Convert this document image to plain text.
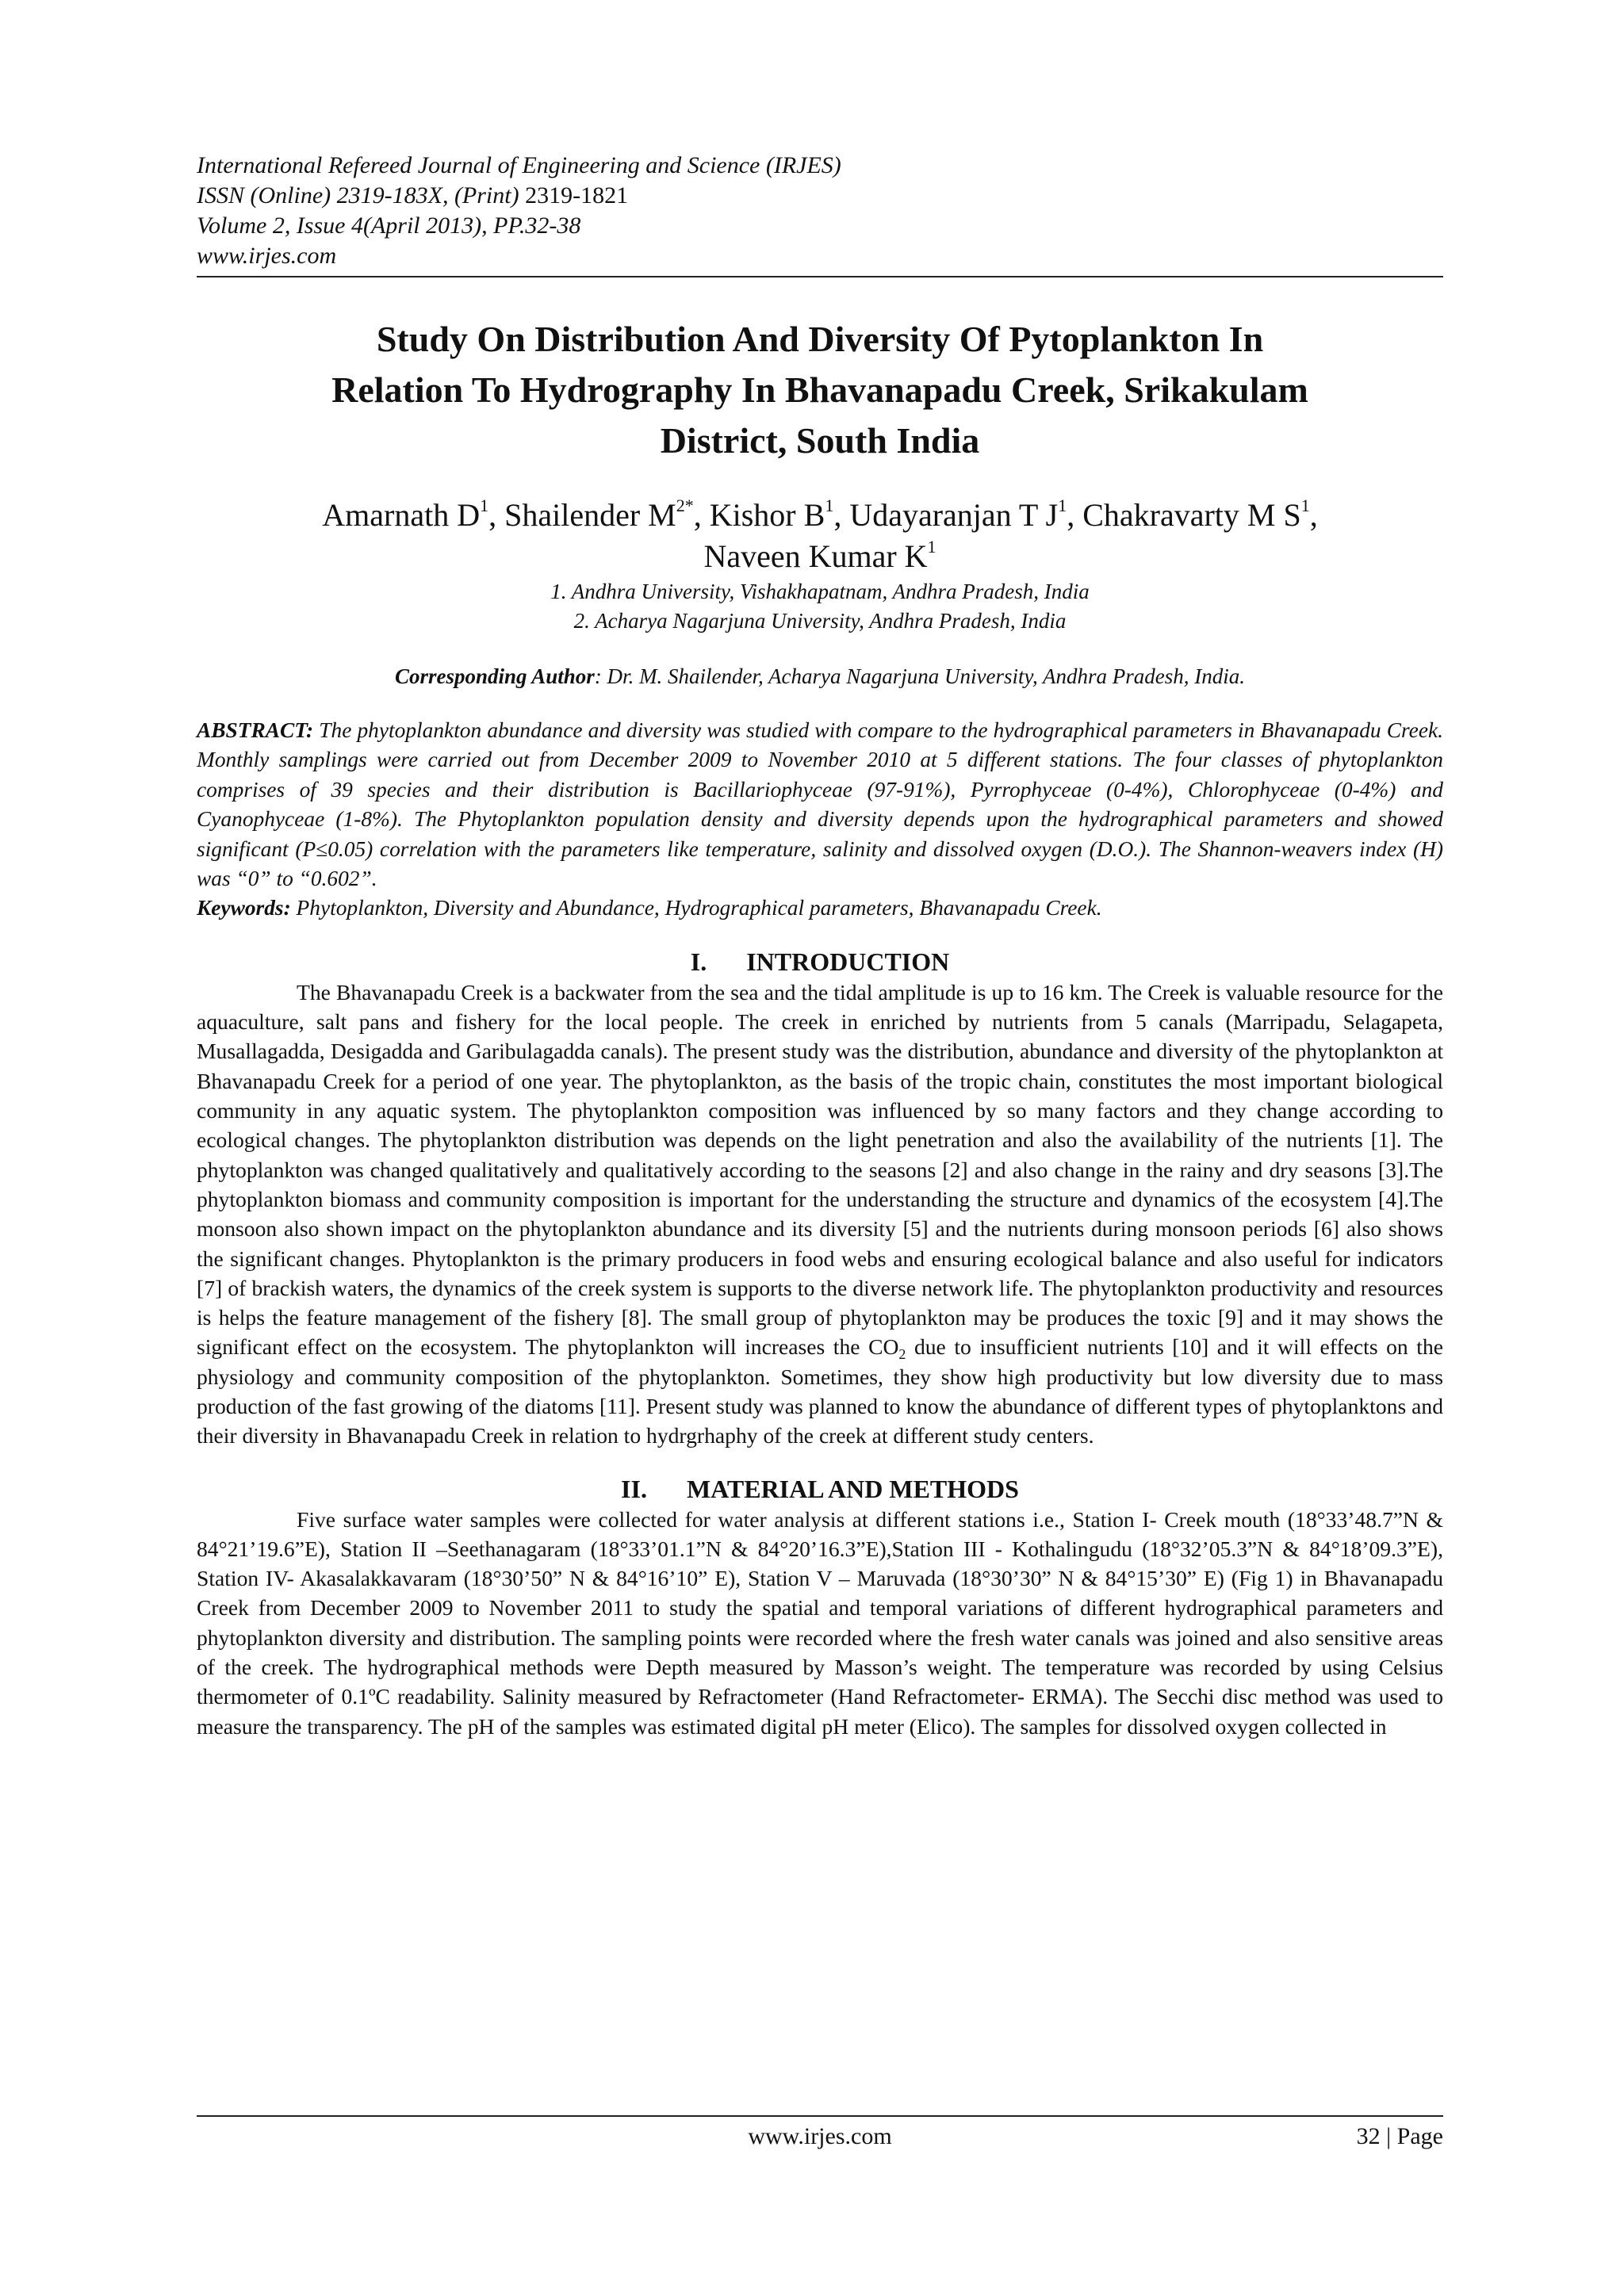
International Refereed Journal of Engineering and Science (IRJES)
ISSN (Online) 2319-183X, (Print) 2319-1821
Volume 2, Issue 4(April 2013), PP.32-38
www.irjes.com
Study On Distribution And Diversity Of Pytoplankton In
Relation To Hydrography In Bhavanapadu Creek, Srikakulam
District, South India
Amarnath $D^1$, Shailender $M^{2*}$, Kishor $B^1$, Udayaranjan T $J^1$, Chakravarty M $S^1$,
Naveen Kumar $K^1$
1. Andhra University, Vishakhapatnam, Andhra Pradesh, India
2. Acharya Nagarjuna University, Andhra Pradesh, India
Corresponding Author: Dr. M. Shailender, Acharya Nagarjuna University, Andhra Pradesh, India.
ABSTRACT: The phytoplankton abundance and diversity was studied with compare to the hydrographical parameters in Bhavanapadu Creek. Monthly samplings were carried out from December 2009 to November 2010 at 5 different stations. The four classes of phytoplankton comprises of 39 species and their distribution is Bacillariophyceae (97-91%), Pyrrophyceae (0-4%), Chlorophyceae (0-4%) and Cyanophyceae (1-8%). The Phytoplankton population density and diversity depends upon the hydrographical parameters and showed significant (P≤0.05) correlation with the parameters like temperature, salinity and dissolved oxygen (D.O.). The Shannon-weavers index (H) was “0” to “0.602”.
Keywords: Phytoplankton, Diversity and Abundance, Hydrographical parameters, Bhavanapadu Creek.
I. INTRODUCTION
The Bhavanapadu Creek is a backwater from the sea and the tidal amplitude is up to 16 km. The Creek is valuable resource for the aquaculture, salt pans and fishery for the local people. The creek in enriched by nutrients from 5 canals (Marripadu, Selagapeta, Musallagadda, Desigadda and Garibulagadda canals). The present study was the distribution, abundance and diversity of the phytoplankton at Bhavanapadu Creek for a period of one year. The phytoplankton, as the basis of the tropic chain, constitutes the most important biological community in any aquatic system. The phytoplankton composition was influenced by so many factors and they change according to ecological changes. The phytoplankton distribution was depends on the light penetration and also the availability of the nutrients [1]. The phytoplankton was changed qualitatively and qualitatively according to the seasons [2] and also change in the rainy and dry seasons [3].The phytoplankton biomass and community composition is important for the understanding the structure and dynamics of the ecosystem [4].The monsoon also shown impact on the phytoplankton abundance and its diversity [5] and the nutrients during monsoon periods [6] also shows the significant changes. Phytoplankton is the primary producers in food webs and ensuring ecological balance and also useful for indicators [7] of brackish waters, the dynamics of the creek system is supports to the diverse network life. The phytoplankton productivity and resources is helps the feature management of the fishery [8]. The small group of phytoplankton may be produces the toxic [9] and it may shows the significant effect on the ecosystem. The phytoplankton will increases the $CO_2$ due to insufficient nutrients [10] and it will effects on the physiology and community composition of the phytoplankton. Sometimes, they show high productivity but low diversity due to mass production of the fast growing of the diatoms [11]. Present study was planned to know the abundance of different types of phytoplanktons and their diversity in Bhavanapadu Creek in relation to hydrgrhaphy of the creek at different study centers.
II. MATERIAL AND METHODS
Five surface water samples were collected for water analysis at different stations i.e., Station I- Creek mouth (18°33’48.7”N & 84°21’19.6”E), Station II –Seethanagaram (18°33’01.1”N & 84°20’16.3”E),Station III - Kothalingudu (18°32’05.3”N & 84°18’09.3”E), Station IV- Akasalakkavaram (18°30’50” N & 84°16’10” E), Station V – Maruvada (18°30’30” N & 84°15’30” E) (Fig 1) in Bhavanapadu Creek from December 2009 to November 2011 to study the spatial and temporal variations of different hydrographical parameters and phytoplankton diversity and distribution. The sampling points were recorded where the fresh water canals was joined and also sensitive areas of the creek. The hydrographical methods were Depth measured by Masson’s weight. The temperature was recorded by using Celsius thermometer of 0.1ºC readability. Salinity measured by Refractometer (Hand Refractometer- ERMA). The Secchi disc method was used to measure the transparency. The pH of the samples was estimated digital pH meter (Elico). The samples for dissolved oxygen collected in
www.irjes.com	32 | Page
